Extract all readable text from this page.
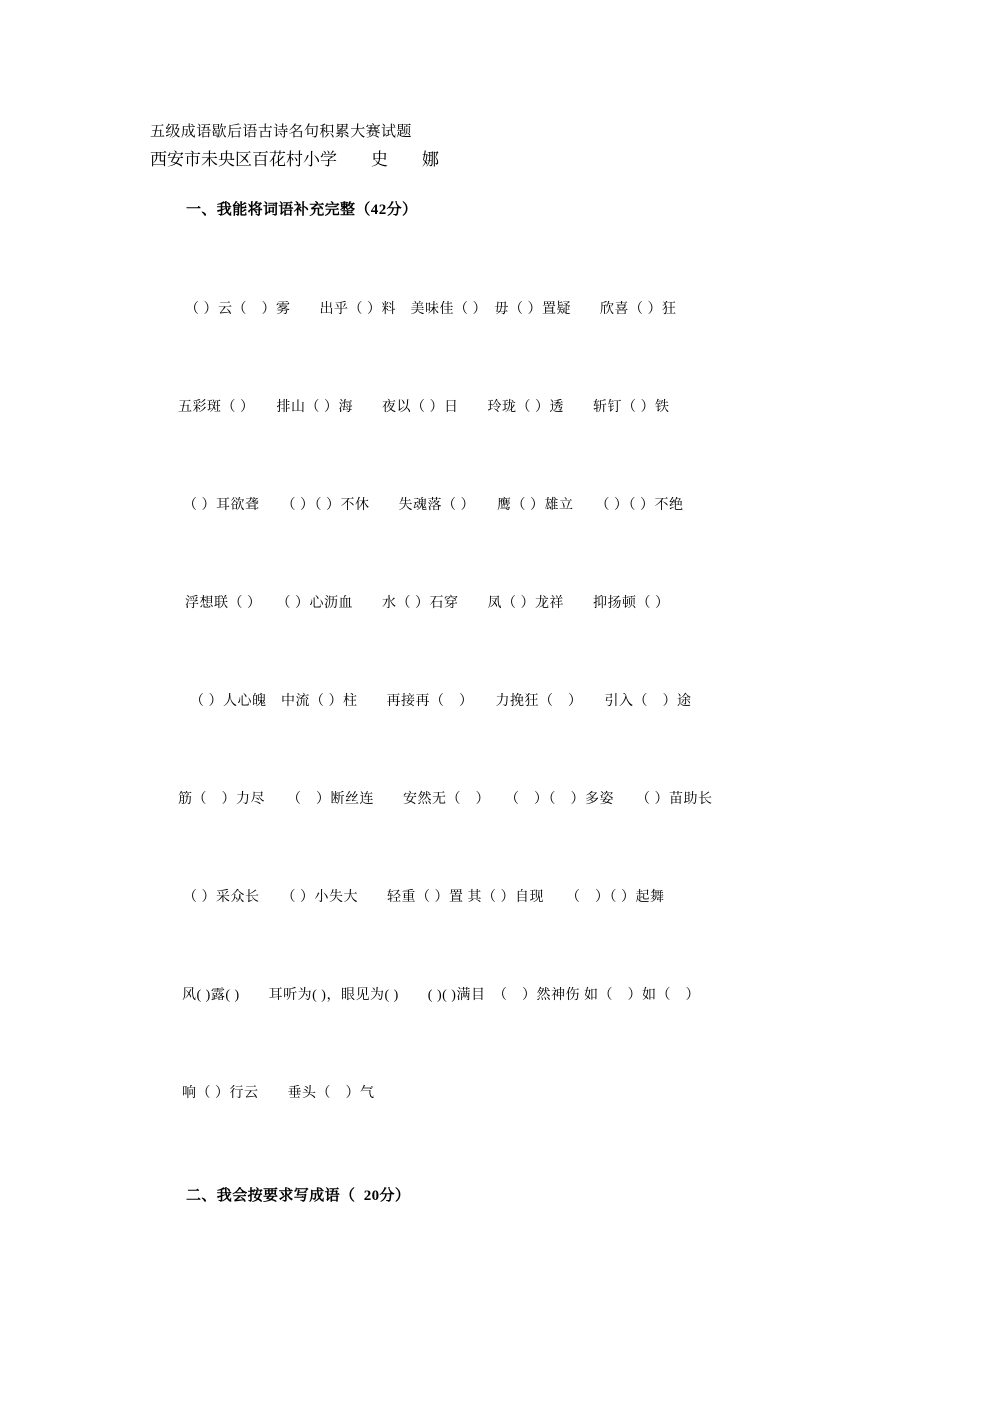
五级成语歇后语古诗名句积累大赛试题
西安市未央区百花村小学　　史　　娜
一、我能将词语补充完整（42分）
（ ）云（　）雾　　出乎（ ）料　美味佳（ ）　毋（ ）置疑　　欣喜（ ）狂
五彩斑（ ）　　排山（ ）海　　夜以（ ）日　　玲珑（ ）透　　斩钉（ ）铁
（ ）耳欲聋　　（ ）（ ）不休　　失魂落（ ）　　鹰（ ）雄立　　（ ）（ ）不绝
浮想联（ ）　　（ ）心沥血　　水（ ）石穿　　凤（ ）龙祥　　抑扬顿（ ）
（ ）人心魄　中流（ ）柱　　再接再（　）　　力挽狂（　）　　引入（　）途
筋（　）力尽　　（　）断丝连　　安然无（　）　　（　）（　）多姿　　（ ）苗助长
（ ）采众长　　（ ）小失大　　轻重（ ）置 其（ ）自现　　（　）（ ）起舞
风( )露( )　　耳听为( )，眼见为( )　　( )( )满目　（　）然神伤 如（　）如（　）
响（ ）行云　　垂头（　）气
二、我会按要求写成语（  20分）
